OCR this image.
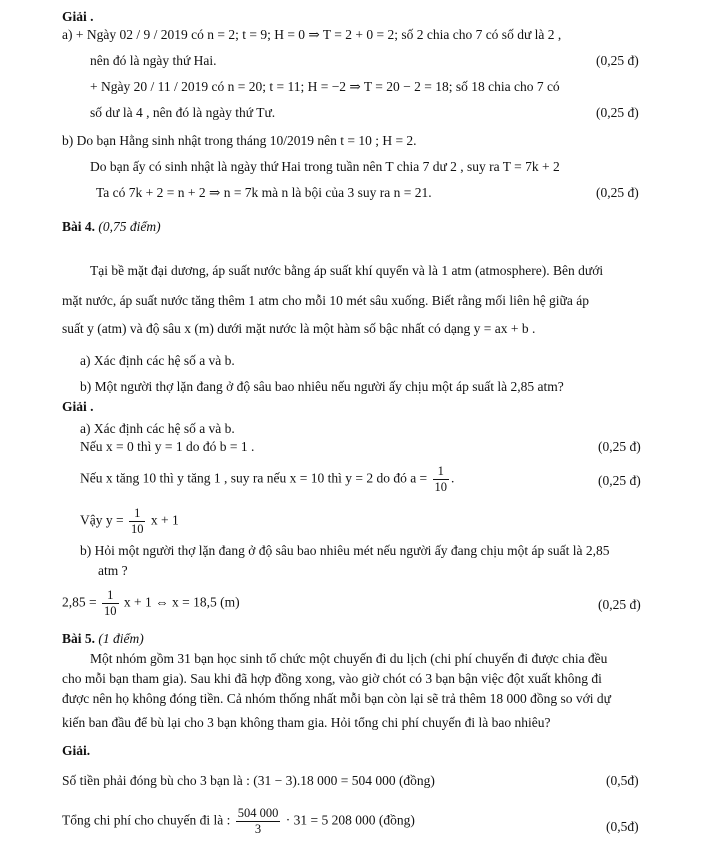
Giải .
a) + Ngày 02 / 9 / 2019 có n = 2; t = 9; H = 0 ⇒ T = 2 + 0 = 2; số 2 chia cho 7 có số dư là 2 ,
nên đó là ngày thứ Hai.	(0,25 đ)
+ Ngày 20 / 11 / 2019 có n = 20; t = 11; H = −2 ⇒ T = 20 − 2 = 18; số 18 chia cho 7 có
số dư là 4 , nên đó là ngày thứ Tư.	(0,25 đ)
b) Do bạn Hằng sinh nhật trong tháng 10/2019 nên t = 10 ; H = 2.
Do bạn ấy có sinh nhật là ngày thứ Hai trong tuần nên T chia 7 dư 2 , suy ra T = 7k + 2
Ta có 7k + 2 = n + 2 ⇒ n = 7k mà n là bội của 3 suy ra n = 21.	(0,25 đ)
Bài 4. (0,75 điểm)
Tại bề mặt đại dương, áp suất nước bằng áp suất khí quyển và là 1 atm (atmosphere). Bên dưới
mặt nước, áp suất nước tăng thêm 1 atm cho mỗi 10 mét sâu xuống. Biết rằng mối liên hệ giữa áp
suất y (atm) và độ sâu x (m) dưới mặt nước là một hàm số bậc nhất có dạng y = ax + b .
a) Xác định các hệ số a và b.
b) Một người thợ lặn đang ở độ sâu bao nhiêu nếu người ấy chịu một áp suất là 2,85 atm?
Giải .
a) Xác định các hệ số a và b.
Nếu x = 0 thì y = 1 do đó b = 1 .	(0,25 đ)
Nếu x tăng 10 thì y tăng 1 , suy ra nếu x = 10 thì y = 2 do đó $a = \frac{1}{10}$ .	(0,25 đ)
Vậy $y = \frac{1}{10}$ x + 1
b) Hỏi một người thợ lặn đang ở độ sâu bao nhiêu mét nếu người ấy đang chịu một áp suất là 2,85
atm ?
$2,85 = \frac{1}{10}$ x + 1 ⇔ x = 18,5 (m)	(0,25 đ)
Bài 5. (1 điểm)
Một nhóm gồm 31 bạn học sinh tổ chức một chuyến đi du lịch (chi phí chuyến đi được chia đều
cho mỗi bạn tham gia). Sau khi đã hợp đồng xong, vào giờ chót có 3 bạn bận việc đột xuất không đi
được nên họ không đóng tiền. Cả nhóm thống nhất mỗi bạn còn lại sẽ trả thêm 18 000 đồng so với dự
kiến ban đầu để bù lại cho 3 bạn không tham gia. Hỏi tổng chi phí chuyến đi là bao nhiêu?
Giải.
Số tiền phải đóng bù cho 3 bạn là : (31 − 3).18 000 = 504 000 (đồng)	(0,5đ)
Tổng chi phí cho chuyến đi là : $\frac{504 000}{3} \cdot 31 = 5$ 208 000 (đồng)	(0,5đ)
